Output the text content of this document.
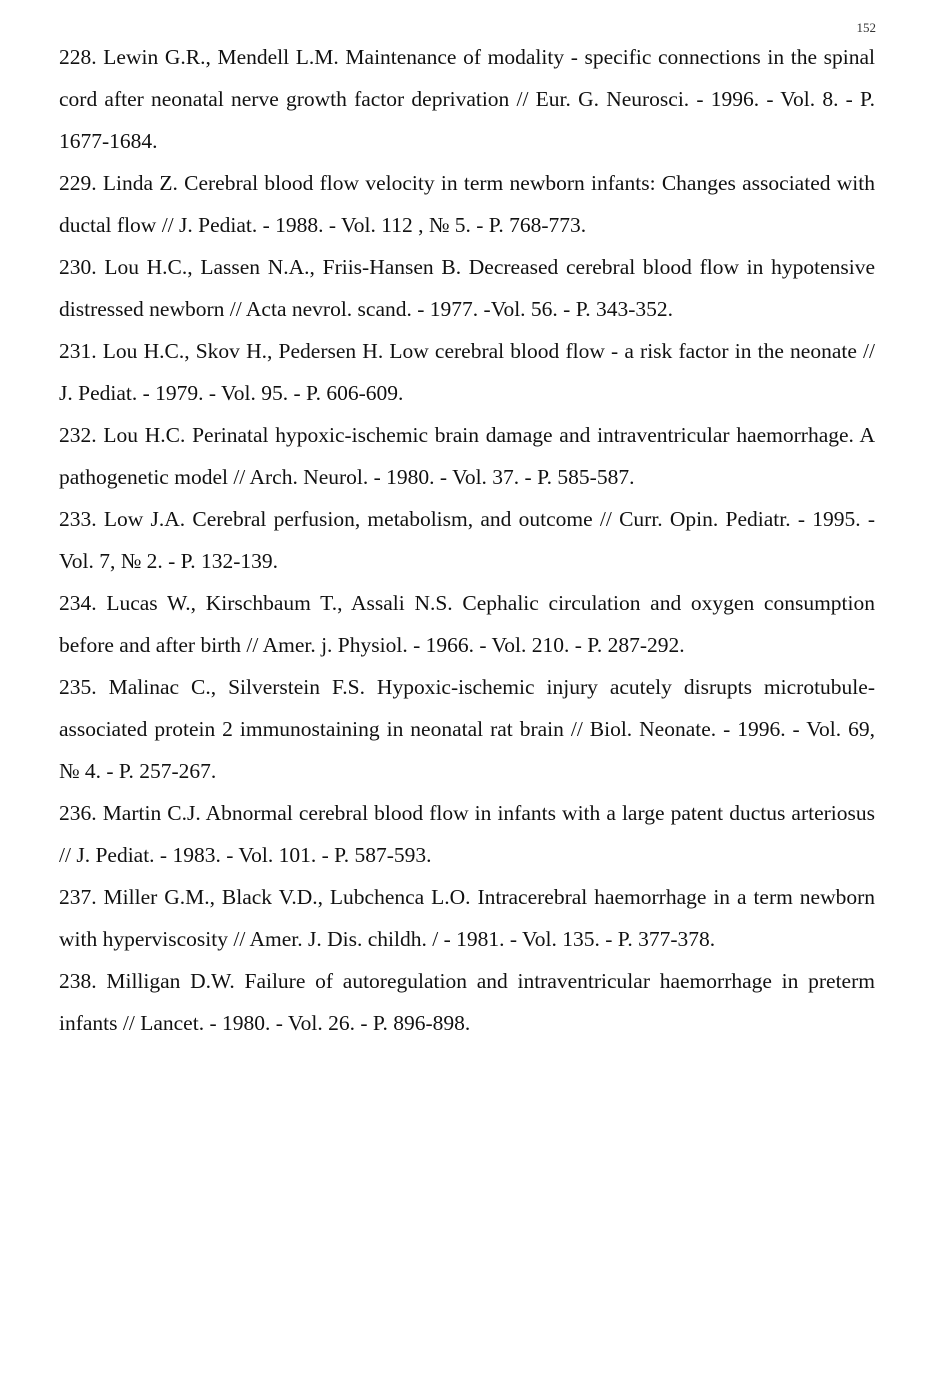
152

228. Lewin G.R., Mendell L.M. Maintenance of modality - specific connections in the spinal cord after neonatal nerve growth factor deprivation // Eur. G. Neurosci. - 1996. - Vol. 8. - P. 1677-1684.

229. Linda Z. Cerebral blood flow velocity in term newborn infants: Changes associated with ductal flow // J. Pediat. - 1988. - Vol. 112 , № 5. - P. 768-773.

230. Lou H.C., Lassen N.A., Friis-Hansen B. Decreased cerebral blood flow in hypotensive distressed newborn // Acta nevrol. scand. - 1977. -Vol. 56. - P. 343-352.

231. Lou H.C., Skov H., Pedersen H. Low cerebral blood flow - a risk factor in the neonate // J. Pediat. - 1979. - Vol. 95. - P. 606-609.

232. Lou H.C. Perinatal hypoxic-ischemic brain damage and intraventricular haemorrhage. A pathogenetic model // Arch. Neurol. - 1980. - Vol. 37. - P. 585-587.

233. Low J.A. Cerebral perfusion, metabolism, and outcome // Curr. Opin. Pediatr. - 1995. - Vol. 7, № 2. - P. 132-139.

234. Lucas W., Kirschbaum T., Assali N.S. Cephalic circulation and oxygen consumption before and after birth // Amer. j. Physiol. - 1966. - Vol. 210. - P. 287-292.

235. Malinac C., Silverstein F.S. Hypoxic-ischemic injury acutely disrupts microtubule-associated protein 2 immunostaining in neonatal rat brain // Biol. Neonate. - 1996. - Vol. 69, № 4. - P. 257-267.

236. Martin C.J. Abnormal cerebral blood flow in infants with a large patent ductus arteriosus // J. Pediat. - 1983. - Vol. 101. - P. 587-593.

237. Miller G.M., Black V.D., Lubchenca L.O. Intracerebral haemorrhage in a term newborn with hyperviscosity // Amer. J. Dis. childh. / - 1981. - Vol. 135. - P. 377-378.

238. Milligan D.W. Failure of autoregulation and intraventricular haemorrhage in preterm infants // Lancet. - 1980. - Vol. 26. - P. 896-898.
